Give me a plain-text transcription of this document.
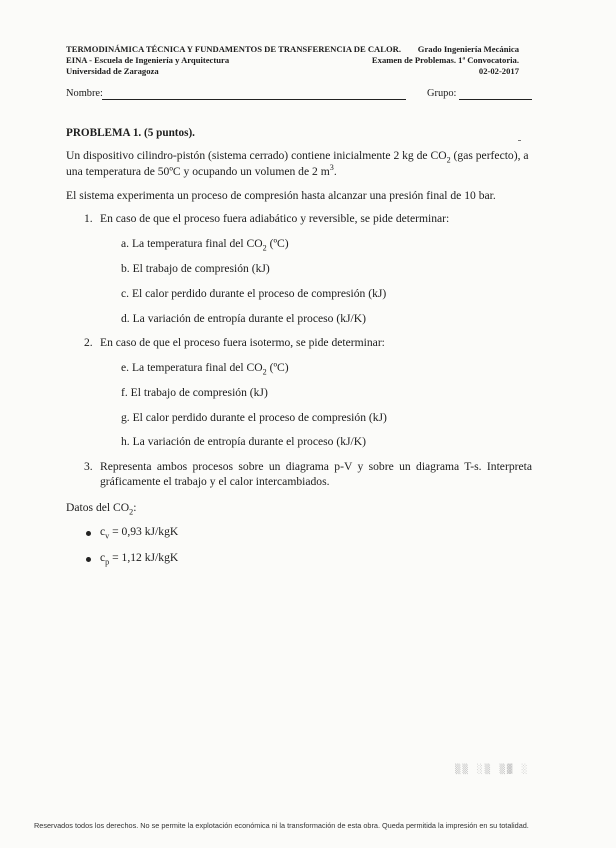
TERMODINÁMICA TÉCNICA Y FUNDAMENTOS DE TRANSFERENCIA DE CALOR.
EINA - Escuela de Ingeniería y Arquitectura
Universidad de Zaragoza
Grado Ingeniería Mecánica
Examen de Problemas. 1ª Convocatoria.
02-02-2017
Nombre:	Grupo:
PROBLEMA 1. (5 puntos).
Un dispositivo cilindro-pistón (sistema cerrado) contiene inicialmente 2 kg de $CO_2$ (gas perfecto), a
una temperatura de 50ºC y ocupando un volumen de 2 $m^3$.
El sistema experimenta un proceso de compresión hasta alcanzar una presión final de 10 bar.
1. En caso de que el proceso fuera adiabático y reversible, se pide determinar:
a. La temperatura final del $CO_2$ (ºC)
b. El trabajo de compresión (kJ)
c. El calor perdido durante el proceso de compresión (kJ)
d. La variación de entropía durante el proceso (kJ/K)
2. En caso de que el proceso fuera isotermo, se pide determinar:
e. La temperatura final del $CO_2$ (ºC)
f. El trabajo de compresión (kJ)
g. El calor perdido durante el proceso de compresión (kJ)
h. La variación de entropía durante el proceso (kJ/K)
3. Representa ambos procesos sobre un diagrama p-V y sobre un diagrama T-s. Interpreta
gráficamente el trabajo y el calor intercambiados.
Datos del $CO_2$:
$c_v = 0,93$ kJ/kgK
$c_p = 1,12$ kJ/kgK
▒▒ ░▒ ▒▓ ░
Reservados todos los derechos. No se permite la explotación económica ni la transformación de esta obra. Queda permitida la impresión en su totalidad.
